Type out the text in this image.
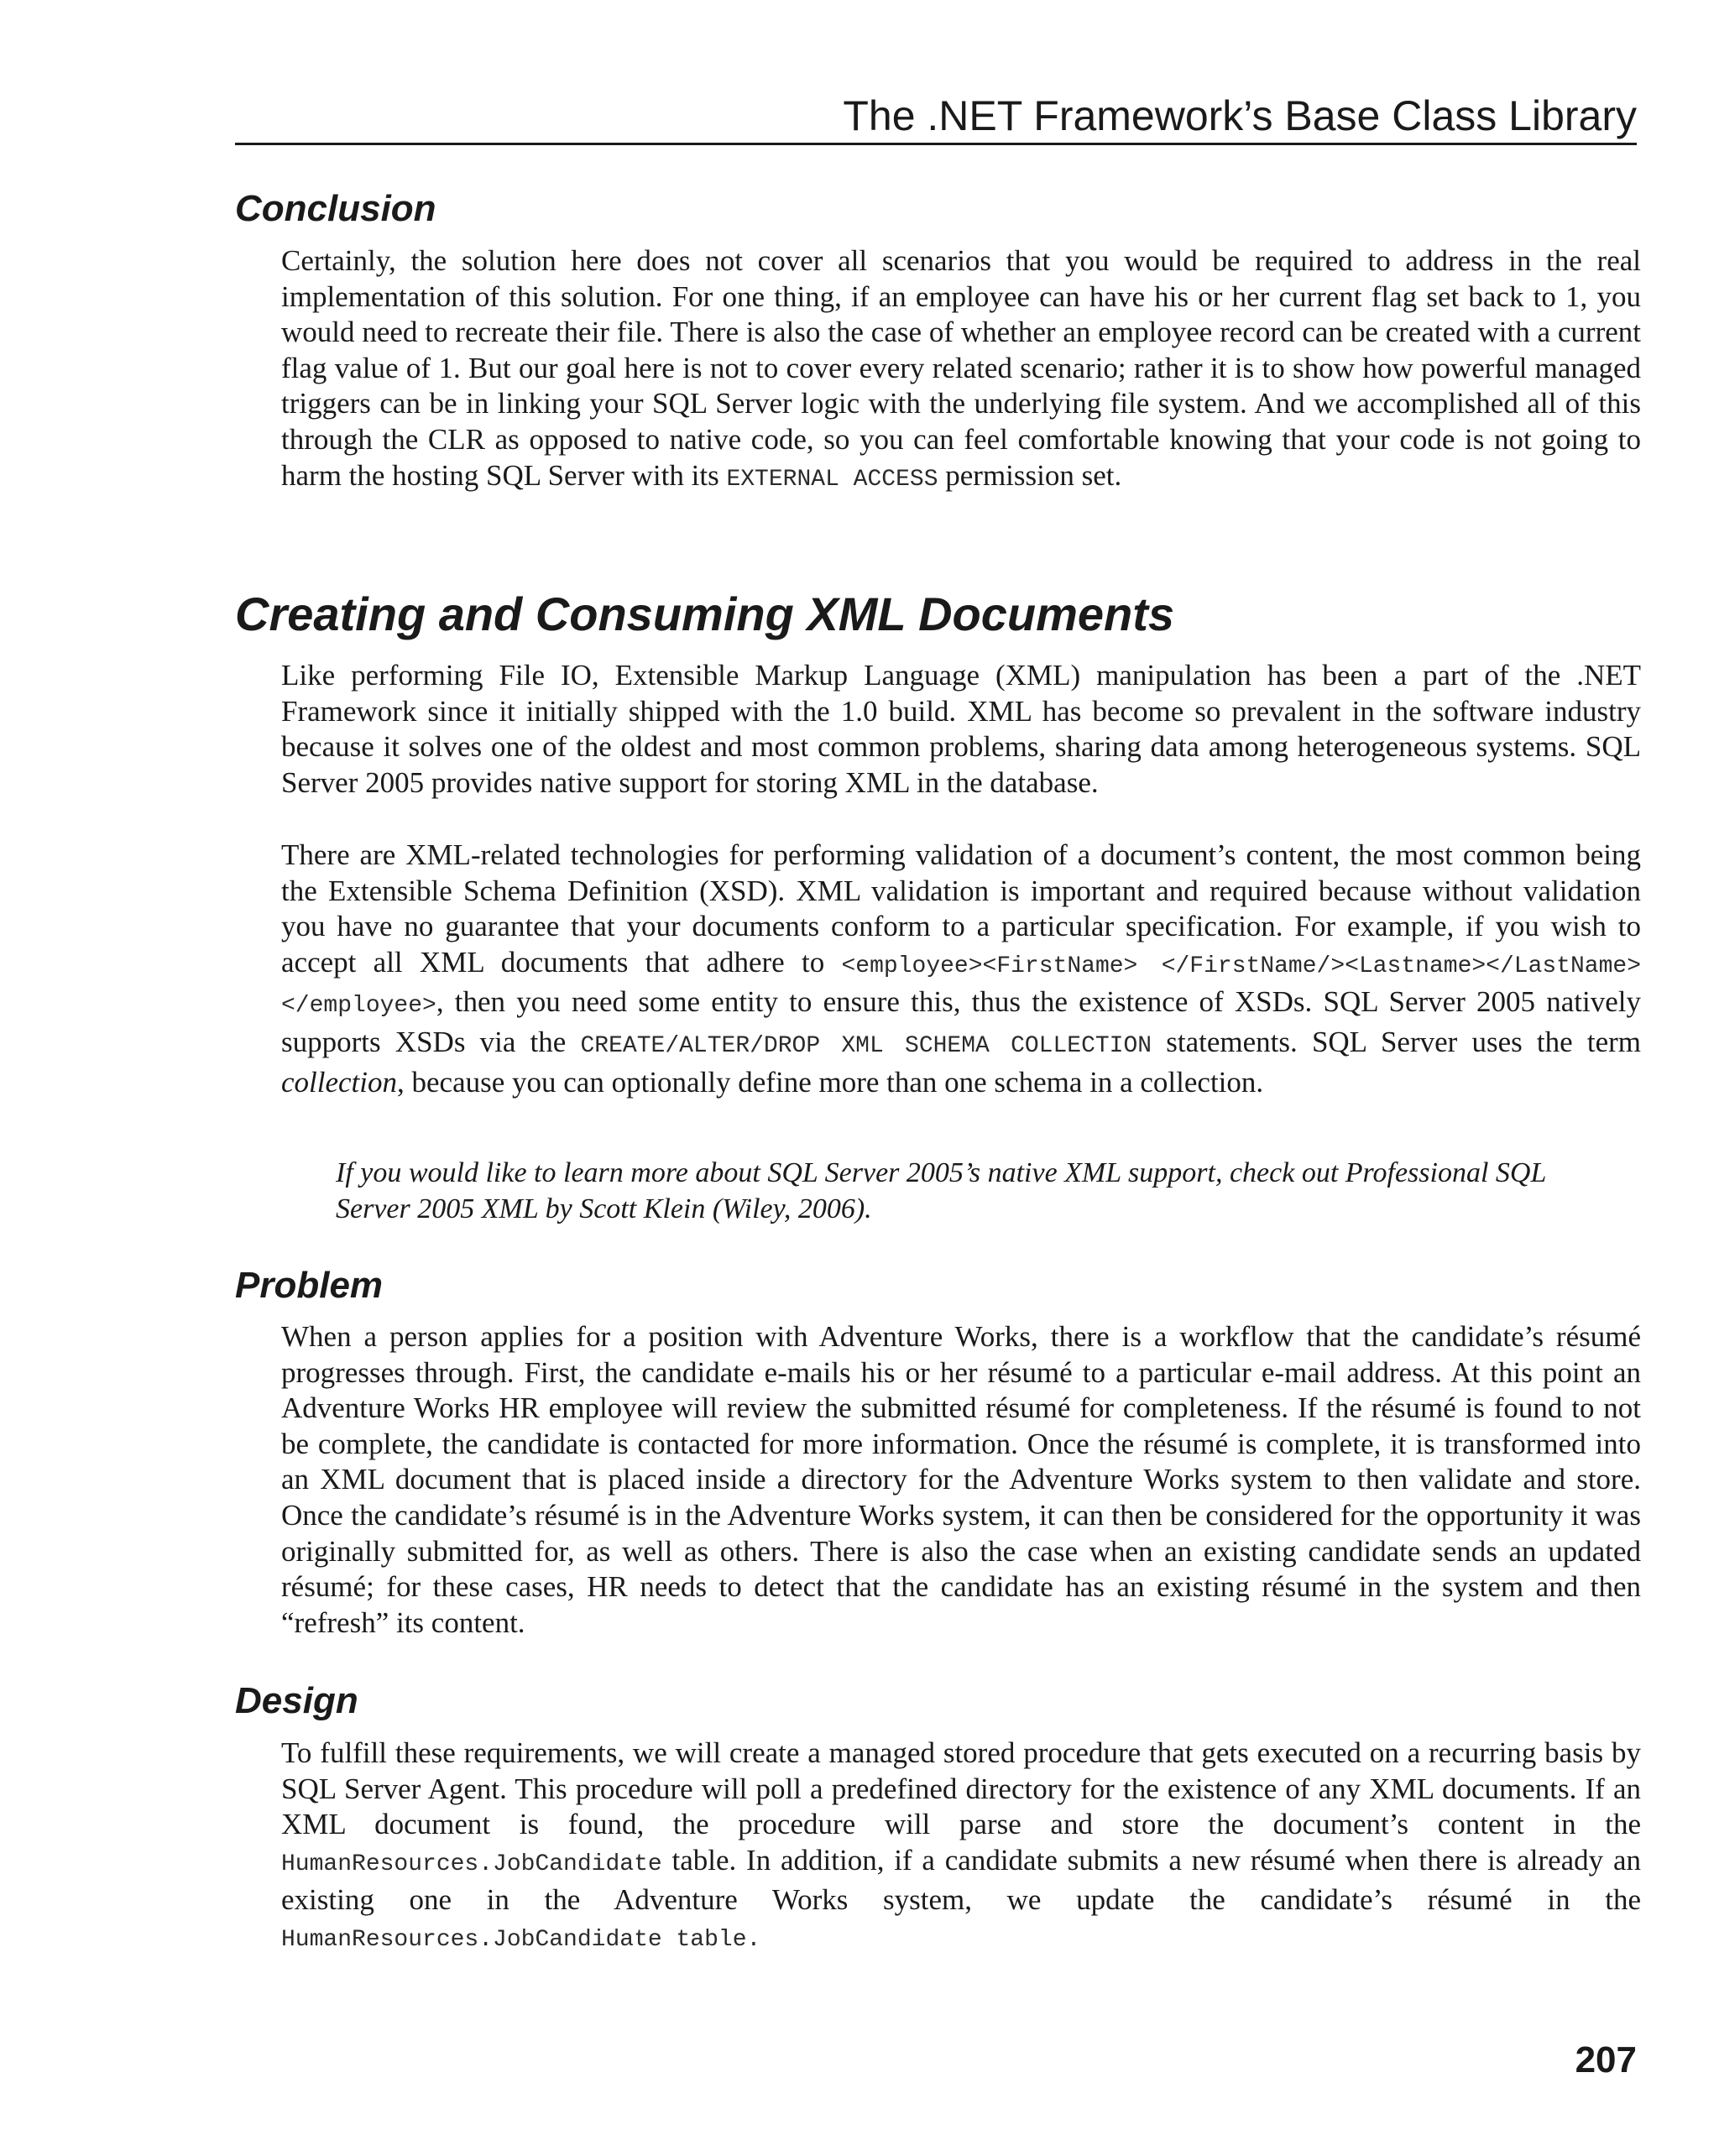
The .NET Framework’s Base Class Library
Conclusion

Certainly, the solution here does not cover all scenarios that you would be required to address in the real implementation of this solution. For one thing, if an employee can have his or her current flag set back to 1, you would need to recreate their file. There is also the case of whether an employee record can be created with a current flag value of 1. But our goal here is not to cover every related scenario; rather it is to show how powerful managed triggers can be in linking your SQL Server logic with the underlying file system. And we accomplished all of this through the CLR as opposed to native code, so you can feel comfortable knowing that your code is not going to harm the hosting SQL Server with its EXTERNAL ACCESS permission set.

Creating and Consuming XML Documents

Like performing File IO, Extensible Markup Language (XML) manipulation has been a part of the .NET Framework since it initially shipped with the 1.0 build. XML has become so prevalent in the software industry because it solves one of the oldest and most common problems, sharing data among heterogeneous systems. SQL Server 2005 provides native support for storing XML in the database.

There are XML-related technologies for performing validation of a document’s content, the most common being the Extensible Schema Definition (XSD). XML validation is important and required because without validation you have no guarantee that your documents conform to a particular specification. For example, if you wish to accept all XML documents that adhere to <employee><FirstName> </FirstName/><Lastname></LastName></employee>, then you need some entity to ensure this, thus the existence of XSDs. SQL Server 2005 natively supports XSDs via the CREATE/ALTER/DROP XML SCHEMA COLLECTION statements. SQL Server uses the term collection, because you can optionally define more than one schema in a collection.

If you would like to learn more about SQL Server 2005’s native XML support, check out Professional SQL Server 2005 XML by Scott Klein (Wiley, 2006).

Problem

When a person applies for a position with Adventure Works, there is a workflow that the candidate’s résumé progresses through. First, the candidate e-mails his or her résumé to a particular e-mail address. At this point an Adventure Works HR employee will review the submitted résumé for completeness. If the résumé is found to not be complete, the candidate is contacted for more information. Once the résumé is complete, it is transformed into an XML document that is placed inside a directory for the Adventure Works system to then validate and store. Once the candidate’s résumé is in the Adventure Works system, it can then be considered for the opportunity it was originally submitted for, as well as others. There is also the case when an existing candidate sends an updated résumé; for these cases, HR needs to detect that the candidate has an existing résumé in the system and then “refresh” its content.

Design

To fulfill these requirements, we will create a managed stored procedure that gets executed on a recurring basis by SQL Server Agent. This procedure will poll a predefined directory for the existence of any XML documents. If an XML document is found, the procedure will parse and store the document’s content in the HumanResources.JobCandidate table. In addition, if a candidate submits a new résumé when there is already an existing one in the Adventure Works system, we update the candidate’s résumé in the HumanResources.JobCandidate table.

207
